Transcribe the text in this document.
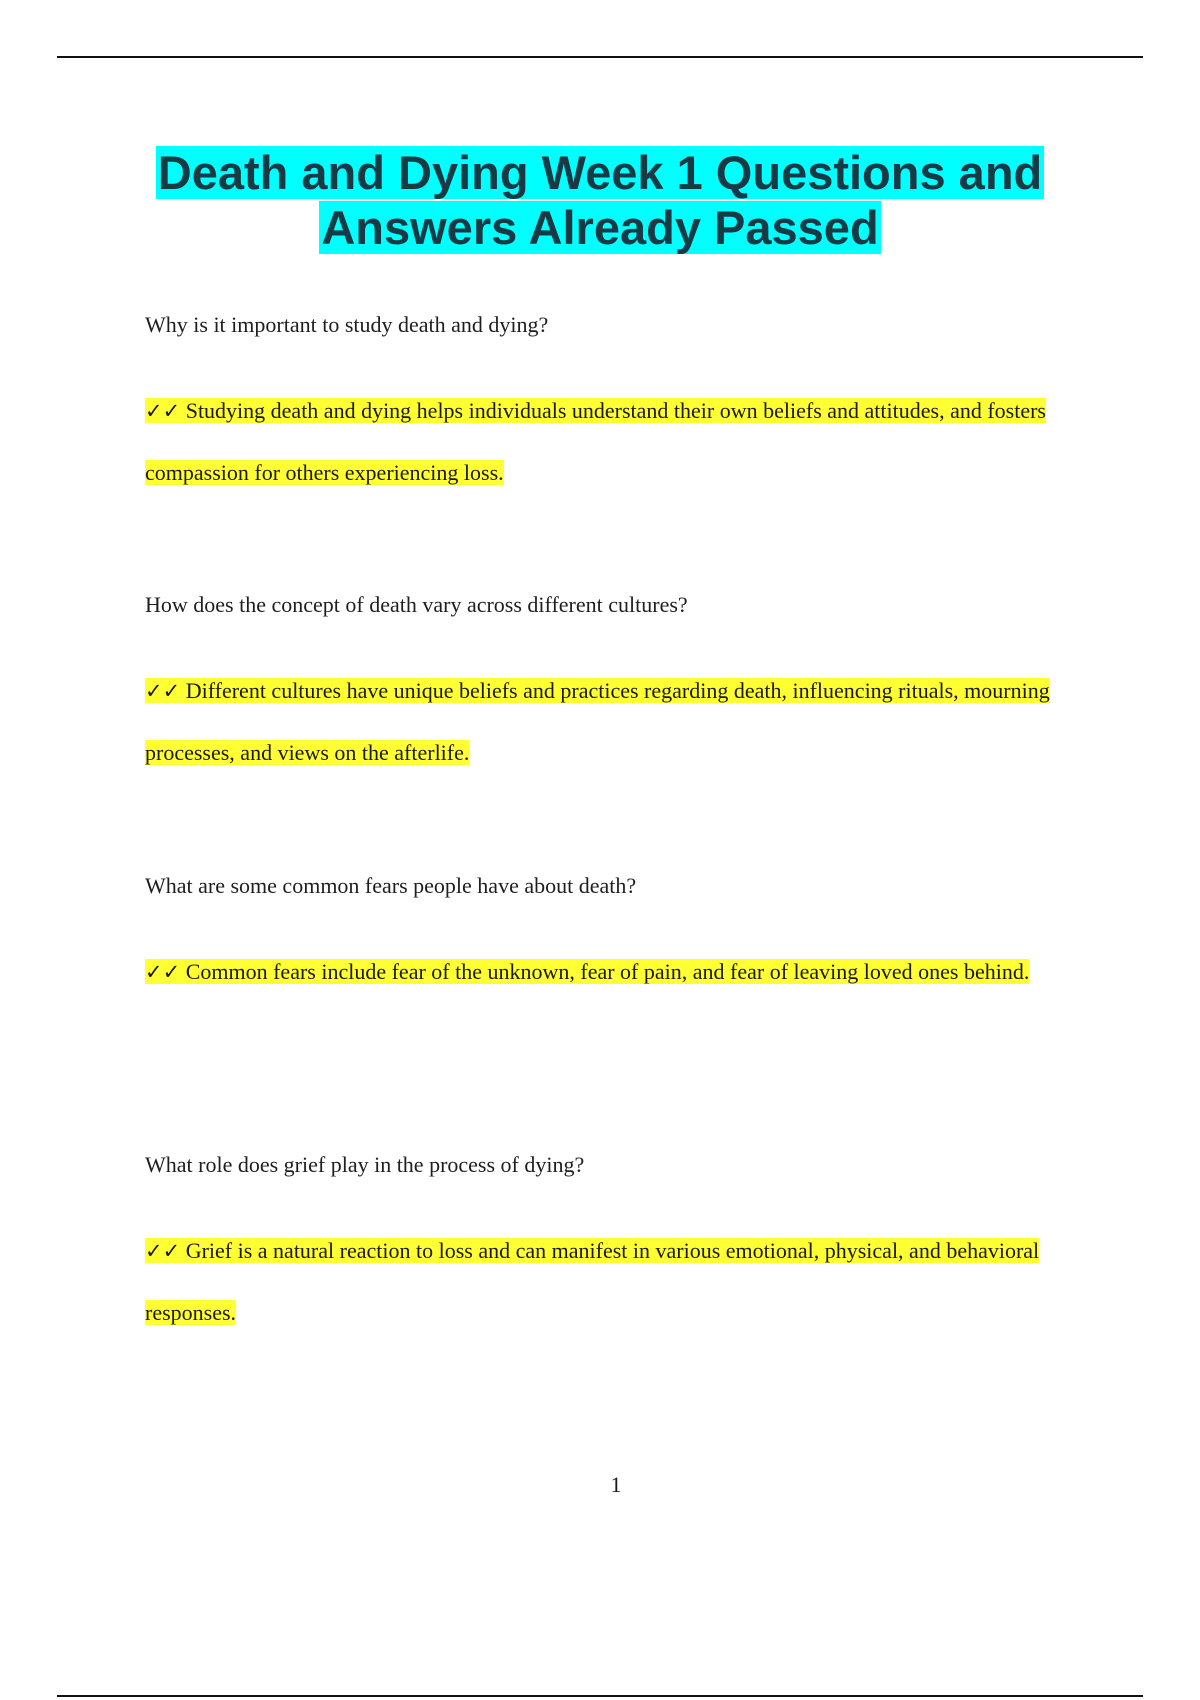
Death and Dying Week 1 Questions and
Answers Already Passed

Why is it important to study death and dying?

✓✓ Studying death and dying helps individuals understand their own beliefs and attitudes, and fosters compassion for others experiencing loss.

How does the concept of death vary across different cultures?

✓✓ Different cultures have unique beliefs and practices regarding death, influencing rituals, mourning processes, and views on the afterlife.

What are some common fears people have about death?

✓✓ Common fears include fear of the unknown, fear of pain, and fear of leaving loved ones behind.

What role does grief play in the process of dying?

✓✓ Grief is a natural reaction to loss and can manifest in various emotional, physical, and behavioral responses.

1
